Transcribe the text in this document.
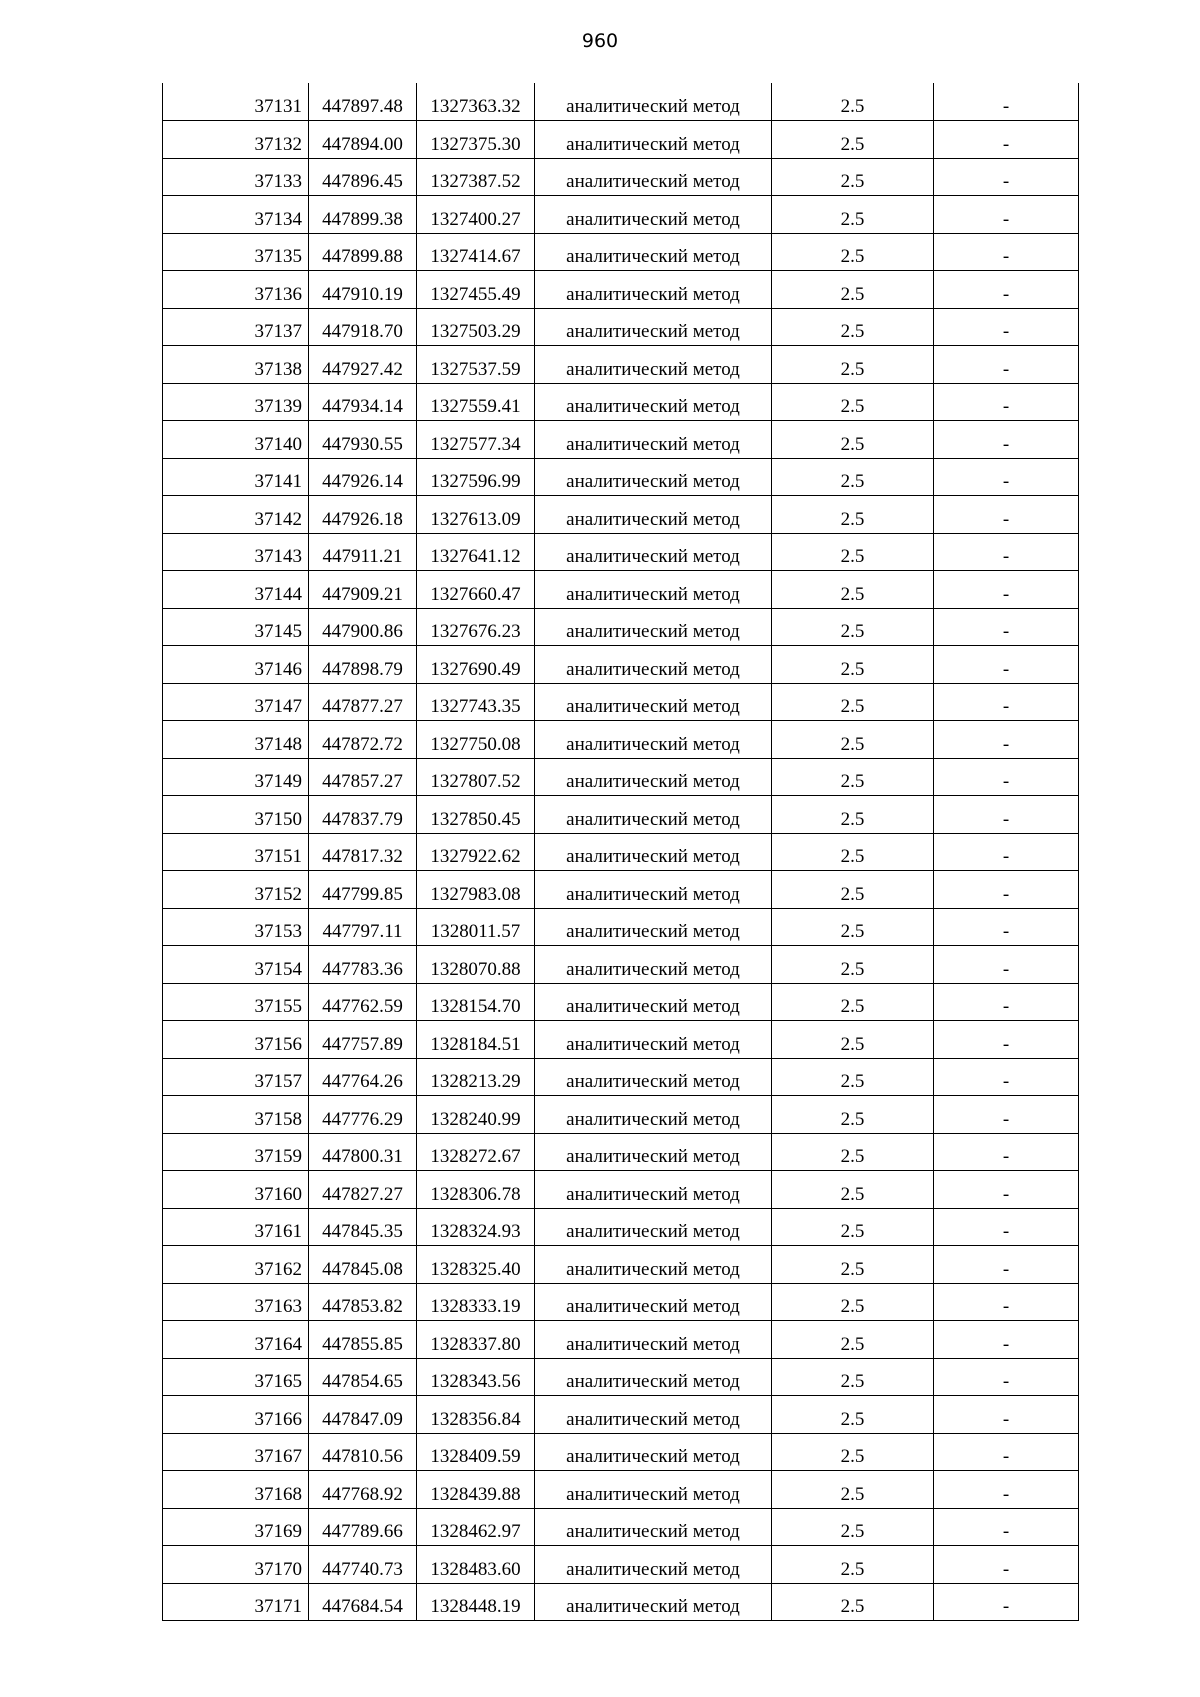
960
37131	447897.48	1327363.32	аналитический метод	2.5	-
37132	447894.00	1327375.30	аналитический метод	2.5	-
37133	447896.45	1327387.52	аналитический метод	2.5	-
37134	447899.38	1327400.27	аналитический метод	2.5	-
37135	447899.88	1327414.67	аналитический метод	2.5	-
37136	447910.19	1327455.49	аналитический метод	2.5	-
37137	447918.70	1327503.29	аналитический метод	2.5	-
37138	447927.42	1327537.59	аналитический метод	2.5	-
37139	447934.14	1327559.41	аналитический метод	2.5	-
37140	447930.55	1327577.34	аналитический метод	2.5	-
37141	447926.14	1327596.99	аналитический метод	2.5	-
37142	447926.18	1327613.09	аналитический метод	2.5	-
37143	447911.21	1327641.12	аналитический метод	2.5	-
37144	447909.21	1327660.47	аналитический метод	2.5	-
37145	447900.86	1327676.23	аналитический метод	2.5	-
37146	447898.79	1327690.49	аналитический метод	2.5	-
37147	447877.27	1327743.35	аналитический метод	2.5	-
37148	447872.72	1327750.08	аналитический метод	2.5	-
37149	447857.27	1327807.52	аналитический метод	2.5	-
37150	447837.79	1327850.45	аналитический метод	2.5	-
37151	447817.32	1327922.62	аналитический метод	2.5	-
37152	447799.85	1327983.08	аналитический метод	2.5	-
37153	447797.11	1328011.57	аналитический метод	2.5	-
37154	447783.36	1328070.88	аналитический метод	2.5	-
37155	447762.59	1328154.70	аналитический метод	2.5	-
37156	447757.89	1328184.51	аналитический метод	2.5	-
37157	447764.26	1328213.29	аналитический метод	2.5	-
37158	447776.29	1328240.99	аналитический метод	2.5	-
37159	447800.31	1328272.67	аналитический метод	2.5	-
37160	447827.27	1328306.78	аналитический метод	2.5	-
37161	447845.35	1328324.93	аналитический метод	2.5	-
37162	447845.08	1328325.40	аналитический метод	2.5	-
37163	447853.82	1328333.19	аналитический метод	2.5	-
37164	447855.85	1328337.80	аналитический метод	2.5	-
37165	447854.65	1328343.56	аналитический метод	2.5	-
37166	447847.09	1328356.84	аналитический метод	2.5	-
37167	447810.56	1328409.59	аналитический метод	2.5	-
37168	447768.92	1328439.88	аналитический метод	2.5	-
37169	447789.66	1328462.97	аналитический метод	2.5	-
37170	447740.73	1328483.60	аналитический метод	2.5	-
37171	447684.54	1328448.19	аналитический метод	2.5	-
